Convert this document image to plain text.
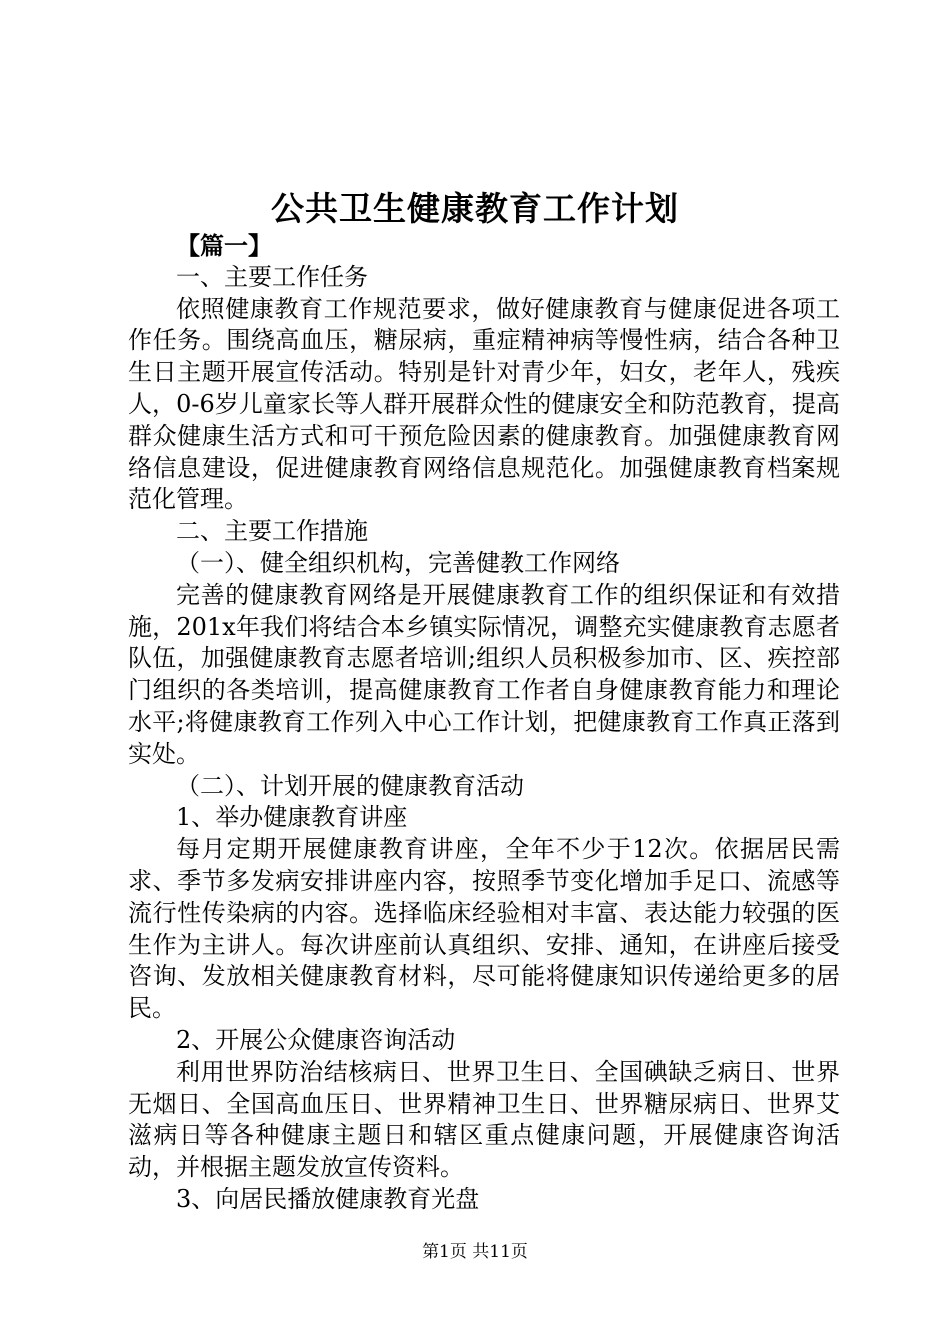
公共卫生健康教育工作计划

【篇一】

一、主要工作任务

依照健康教育工作规范要求，做好健康教育与健康促进各项工作任务。围绕高血压，糖尿病，重症精神病等慢性病，结合各种卫生日主题开展宣传活动。特别是针对青少年，妇女，老年人，残疾人，0-6岁儿童家长等人群开展群众性的健康安全和防范教育，提高群众健康生活方式和可干预危险因素的健康教育。加强健康教育网络信息建设，促进健康教育网络信息规范化。加强健康教育档案规范化管理。

二、主要工作措施

（一）、健全组织机构，完善健教工作网络

完善的健康教育网络是开展健康教育工作的组织保证和有效措施，201x年我们将结合本乡镇实际情况，调整充实健康教育志愿者队伍，加强健康教育志愿者培训;组织人员积极参加市、区、疾控部门组织的各类培训，提高健康教育工作者自身健康教育能力和理论水平;将健康教育工作列入中心工作计划，把健康教育工作真正落到实处。

（二）、计划开展的健康教育活动

1、举办健康教育讲座

每月定期开展健康教育讲座，全年不少于12次。依据居民需求、季节多发病安排讲座内容，按照季节变化增加手足口、流感等流行性传染病的内容。选择临床经验相对丰富、表达能力较强的医生作为主讲人。每次讲座前认真组织、安排、通知，在讲座后接受咨询、发放相关健康教育材料，尽可能将健康知识传递给更多的居民。

2、开展公众健康咨询活动

利用世界防治结核病日、世界卫生日、全国碘缺乏病日、世界无烟日、全国高血压日、世界精神卫生日、世界糖尿病日、世界艾滋病日等各种健康主题日和辖区重点健康问题，开展健康咨询活动，并根据主题发放宣传资料。

3、向居民播放健康教育光盘

第1页 共11页
